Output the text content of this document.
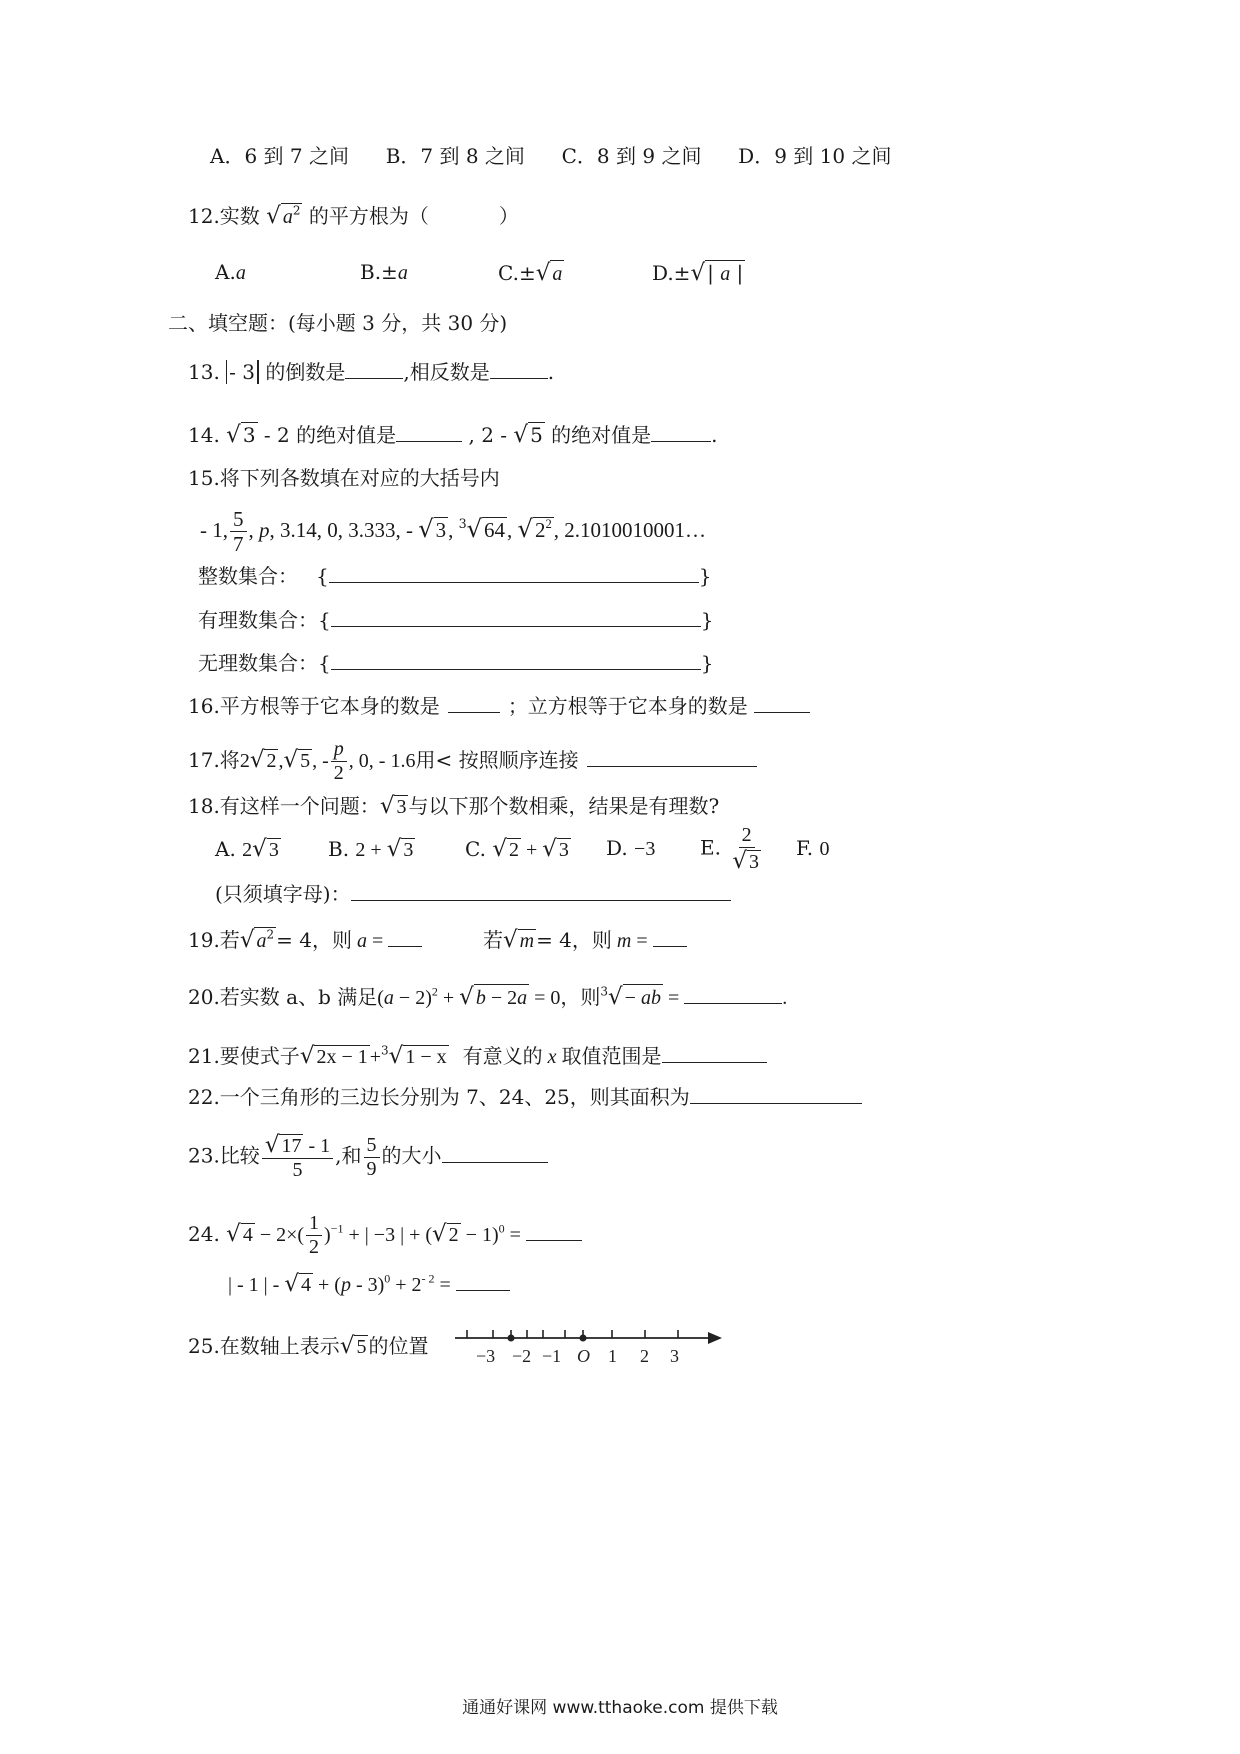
A．6 到 7 之间 B．7 到 8 之间 C．8 到 9 之间 D．9 到 10 之间
12.实数 √ $a^2$ 的平方根为（	）
A.a	B.±a	C.±√ a	D.±√ | a |
二、填空题：(每小题 3 分，共 30 分)
13. - 3 的倒数是	,相反数是	.
14. √ 3 - 2 的绝对值是	, 2 - √ 5 的绝对值是	.
15.将下列各数填在对应的大括号内
- 1, $\frac{5}{7}$ , p, 3.14, 0, 3.333, - √3, $^3$√64, $√2^2$, 2.1010010001…
整数集合： {	}
有理数集合：{	}
无理数集合：{	}
16.平方根等于它本身的数是	；立方根等于它本身的数是
17.将2√ 2 ,√ 5 , - $\frac{p}{2}$ , 0, - 1.6用< 按照顺序连接
18.有这样一个问题：√ 3 与以下那个数相乘，结果是有理数?
A. 2√ 3 B. 2 + √ 3	C. √ 2 + √ 3 D. −3 E. $\frac{2}{√ 3} F$. 0
(只须填字母)：
19.若√ $a^2 = 4$，则 a =	若√ m = 4，则 m =
20.若实数 a、b 满足$(a - 2)^2$ + √ b − 2a = 0，则$^3$√ − ab =	.
21.要使式子√ 2x − 1 +$^3$√ 1 − x 有意义的 x 取值范围是
22.一个三角形的三边长分别为 7、24、25，则其面积为
23.比较 $\frac{√ 17 - 1}{5}$ ,和 $\frac{5}{9}$ 的大小
24. √ $4 - 2\times( \frac{1}{2} )^{-1}$ + | −3 | + (√ 2 − 1)$^0$ =
| - 1 | - √ $4 + (p - 3)^0 + 2^{- 2}$ =
25.在数轴上表示√ 5 的位置	−3 −2 −1 O 1 2 3
通通好课网 www.tthaoke.com 提供下载
